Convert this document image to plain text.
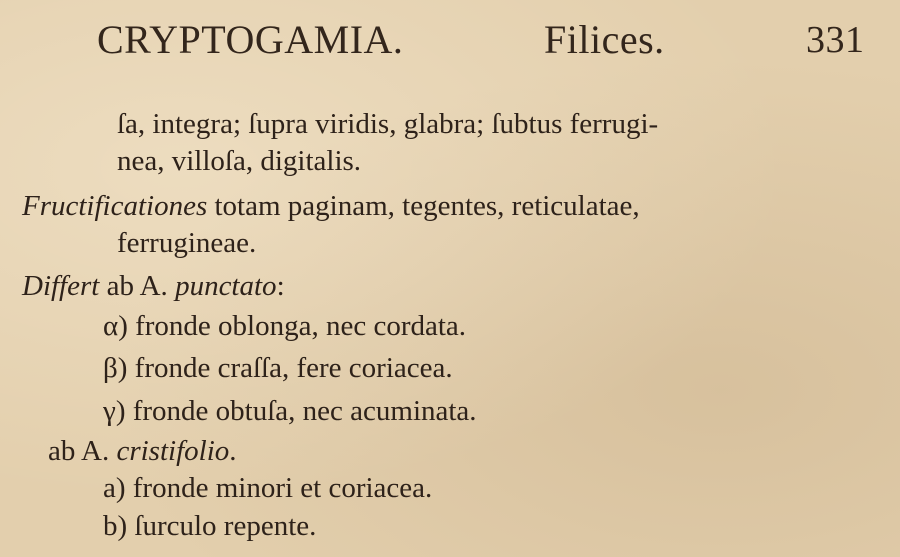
CRYPTOGAMIA.	Filices.	331
ſa, integra; ſupra viridis, glabra; ſubtus ferrugi-
nea, villoſa, digitalis.
Fructificationes totam paginam, tegentes, reticulatae,
ferrugineae.
Differt ab A. punctato:
α) fronde oblonga, nec cordata.
β) fronde craſſa, fere coriacea.
γ) fronde obtuſa, nec acuminata.
ab A. cristifolio.
a) fronde minori et coriacea.
b) ſurculo repente.
